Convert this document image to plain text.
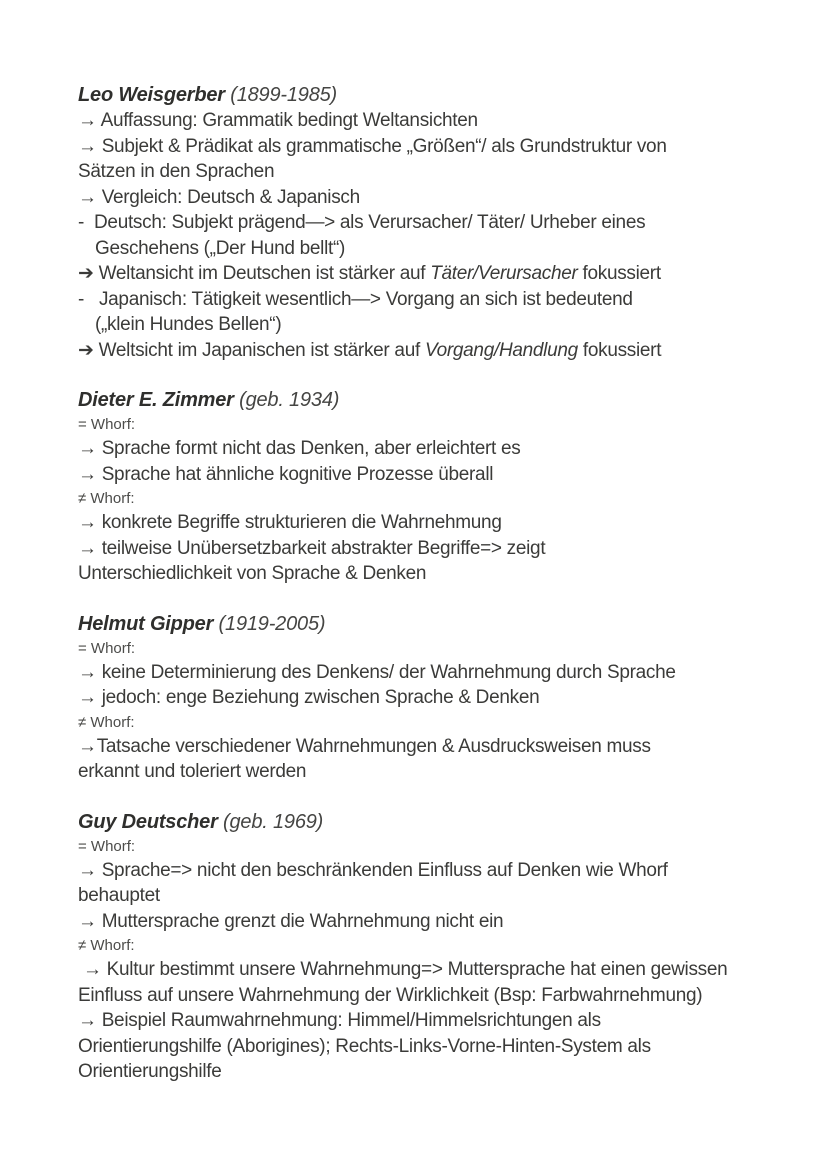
Leo Weisgerber (1899-1985)
→ Auffassung: Grammatik bedingt Weltansichten
→ Subjekt & Prädikat als grammatische „Größen“/ als Grundstruktur von
Sätzen in den Sprachen
→ Vergleich: Deutsch & Japanisch
-  Deutsch: Subjekt prägend—> als Verursacher/ Täter/ Urheber eines
Geschehens („Der Hund bellt“)
➔ Weltansicht im Deutschen ist stärker auf Täter/Verursacher fokussiert
-   Japanisch: Tätigkeit wesentlich—> Vorgang an sich ist bedeutend
(„klein Hundes Bellen“)
➔ Weltsicht im Japanischen ist stärker auf Vorgang/Handlung fokussiert
Dieter E. Zimmer (geb. 1934)
= Whorf:
→ Sprache formt nicht das Denken, aber erleichtert es
→ Sprache hat ähnliche kognitive Prozesse überall
≠ Whorf:
→ konkrete Begriffe strukturieren die Wahrnehmung
→ teilweise Unübersetzbarkeit abstrakter Begriffe=> zeigt
Unterschiedlichkeit von Sprache & Denken
Helmut Gipper (1919-2005)
= Whorf:
→ keine Determinierung des Denkens/ der Wahrnehmung durch Sprache
→ jedoch: enge Beziehung zwischen Sprache & Denken
≠ Whorf:
→Tatsache verschiedener Wahrnehmungen & Ausdrucksweisen muss
erkannt und toleriert werden
Guy Deutscher (geb. 1969)
= Whorf:
→ Sprache=> nicht den beschränkenden Einfluss auf Denken wie Whorf
behauptet
→ Muttersprache grenzt die Wahrnehmung nicht ein
≠ Whorf:
→ Kultur bestimmt unsere Wahrnehmung=> Muttersprache hat einen gewissen
Einfluss auf unsere Wahrnehmung der Wirklichkeit (Bsp: Farbwahrnehmung)
→ Beispiel Raumwahrnehmung: Himmel/Himmelsrichtungen als
Orientierungshilfe (Aborigines); Rechts-Links-Vorne-Hinten-System als
Orientierungshilfe
